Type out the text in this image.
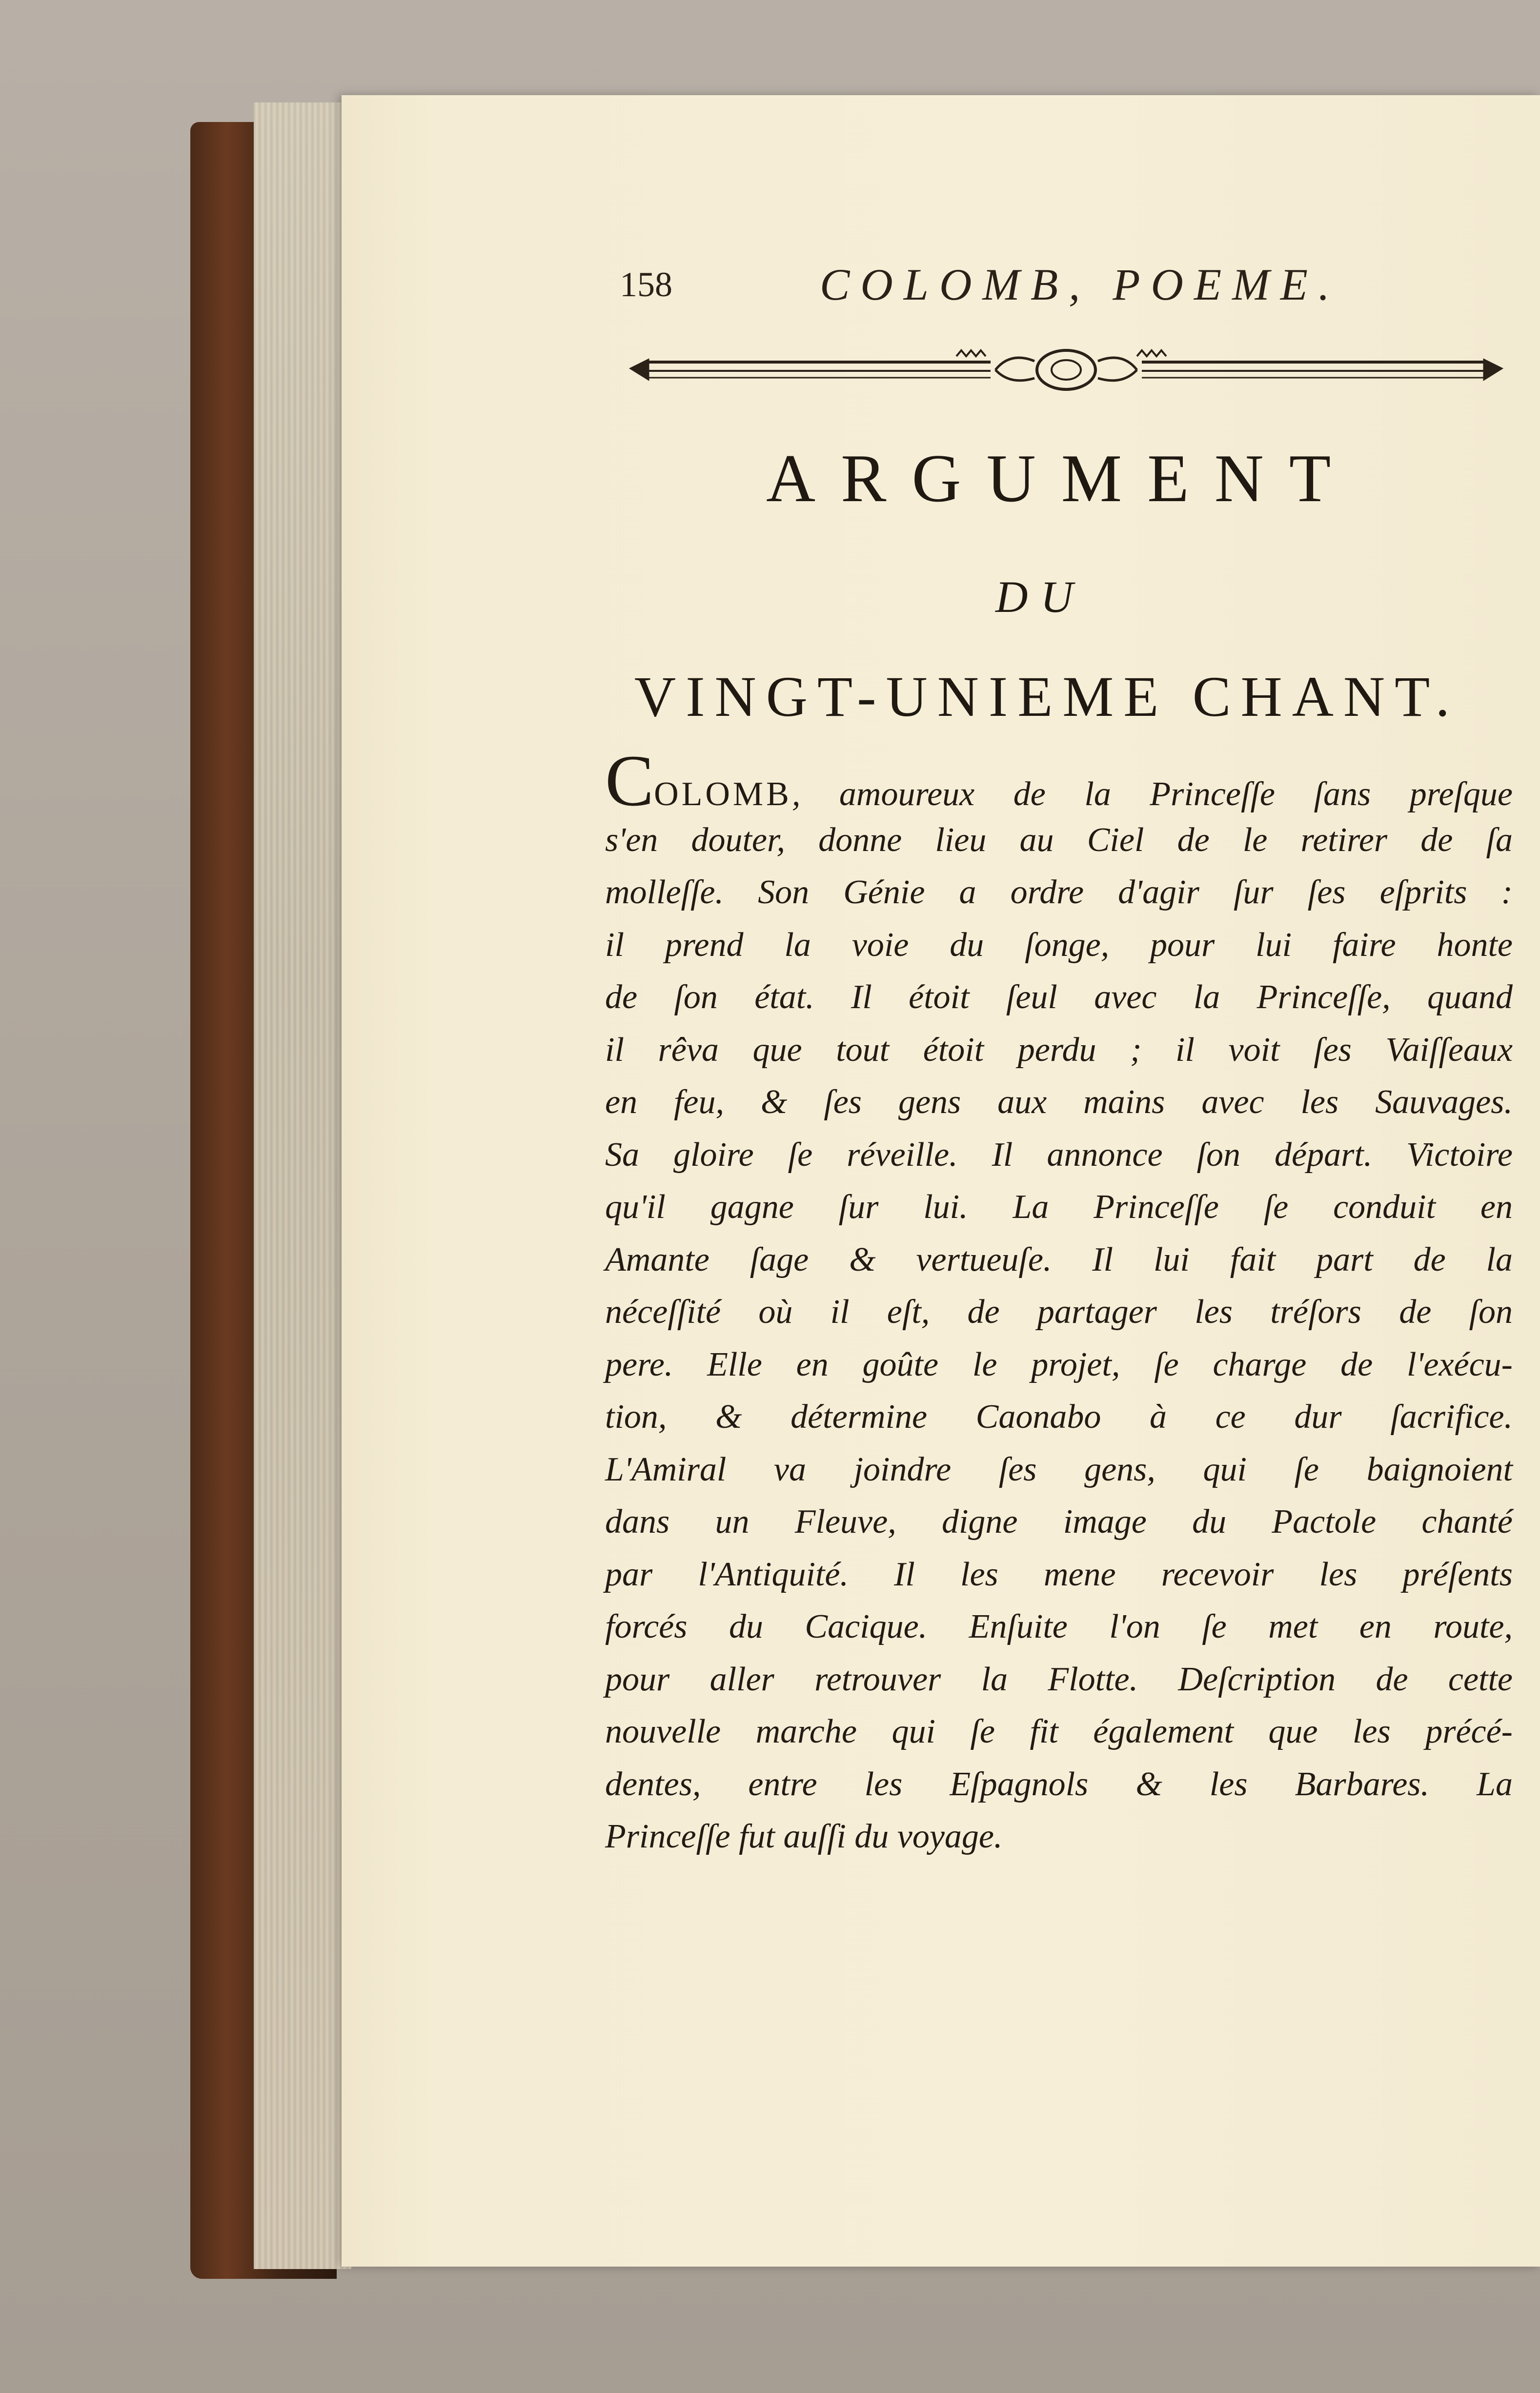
158	COLOMB, POEME.
ARGUMENT
DU
VINGT-UNIEME CHANT.
COLOMB, amoureux de la Princeſſe ſans preſque
s'en douter, donne lieu au Ciel de le retirer de ſa
molleſſe. Son Génie a ordre d'agir ſur ſes eſprits :
il prend la voie du ſonge, pour lui faire honte
de ſon état. Il étoit ſeul avec la Princeſſe, quand
il rêva que tout étoit perdu ; il voit ſes Vaiſſeaux
en feu, & ſes gens aux mains avec les Sauvages.
Sa gloire ſe réveille. Il annonce ſon départ. Victoire
qu'il gagne ſur lui. La Princeſſe ſe conduit en
Amante ſage & vertueuſe. Il lui fait part de la
néceſſité où il eſt, de partager les tréſors de ſon
pere. Elle en goûte le projet, ſe charge de l'exécu-
tion, & détermine Caonabo à ce dur ſacrifice.
L'Amiral va joindre ſes gens, qui ſe baignoient
dans un Fleuve, digne image du Pactole chanté
par l'Antiquité. Il les mene recevoir les préſents
forcés du Cacique. Enſuite l'on ſe met en route,
pour aller retrouver la Flotte. Deſcription de cette
nouvelle marche qui ſe fit également que les précé-
dentes, entre les Eſpagnols & les Barbares. La
Princeſſe fut auſſi du voyage.
